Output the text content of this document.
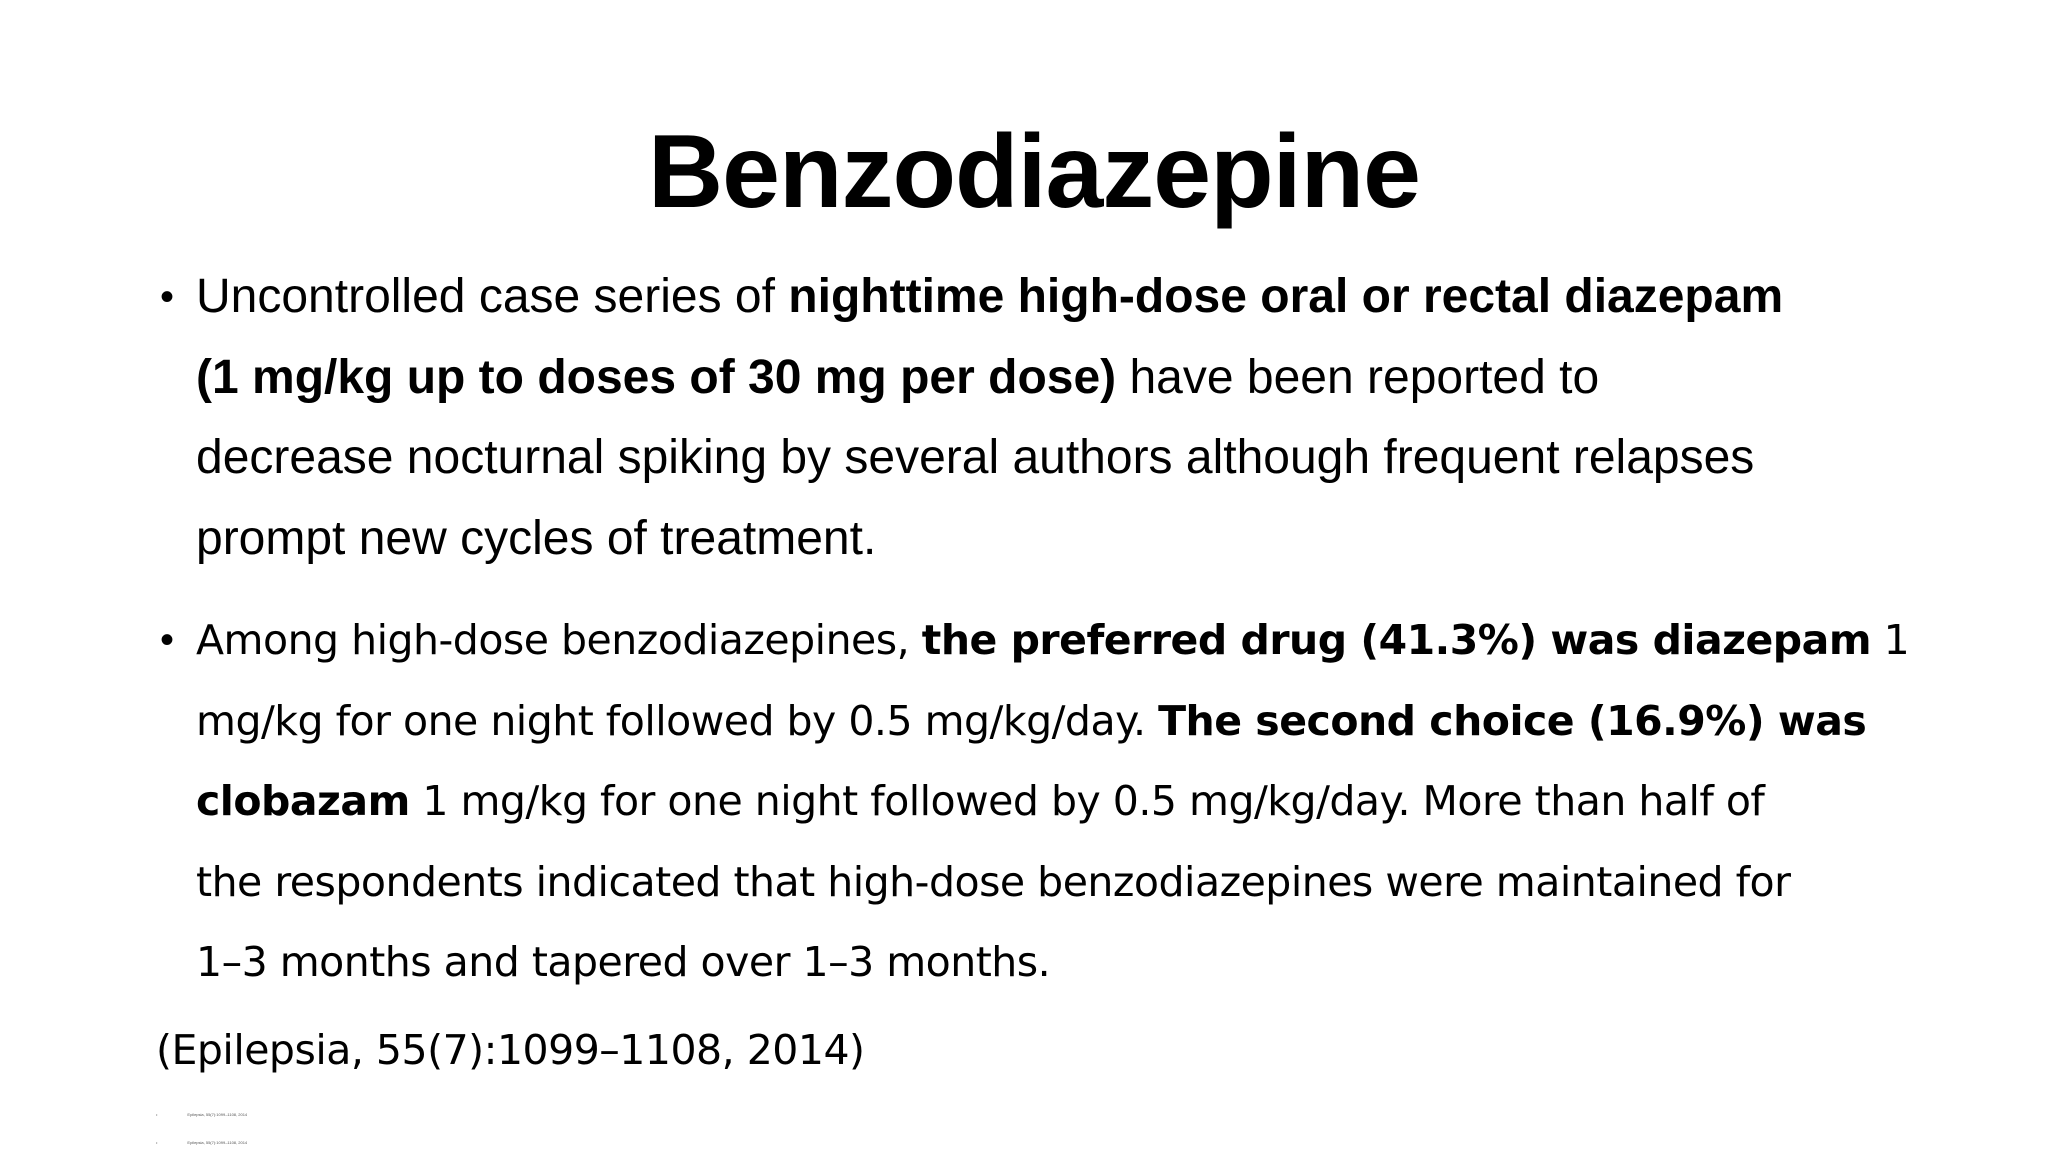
Benzodiazepine
• Uncontrolled case series of nighttime high-dose oral or rectal diazepam
(1 mg/kg up to doses of 30 mg per dose) have been reported to
decrease nocturnal spiking by several authors although frequent relapses
prompt new cycles of treatment.
• Among high-dose benzodiazepines, the preferred drug (41.3%) was diazepam 1
mg/kg for one night followed by 0.5 mg/kg/day. The second choice (16.9%) was
clobazam 1 mg/kg for one night followed by 0.5 mg/kg/day. More than half of
the respondents indicated that high-dose benzodiazepines were maintained for
1–3 months and tapered over 1–3 months.
(Epilepsia, 55(7):1099–1108, 2014)
•	Epilepsia, 55(7):1099–1108, 2014
•	Epilepsia, 55(7):1099–1108, 2014
